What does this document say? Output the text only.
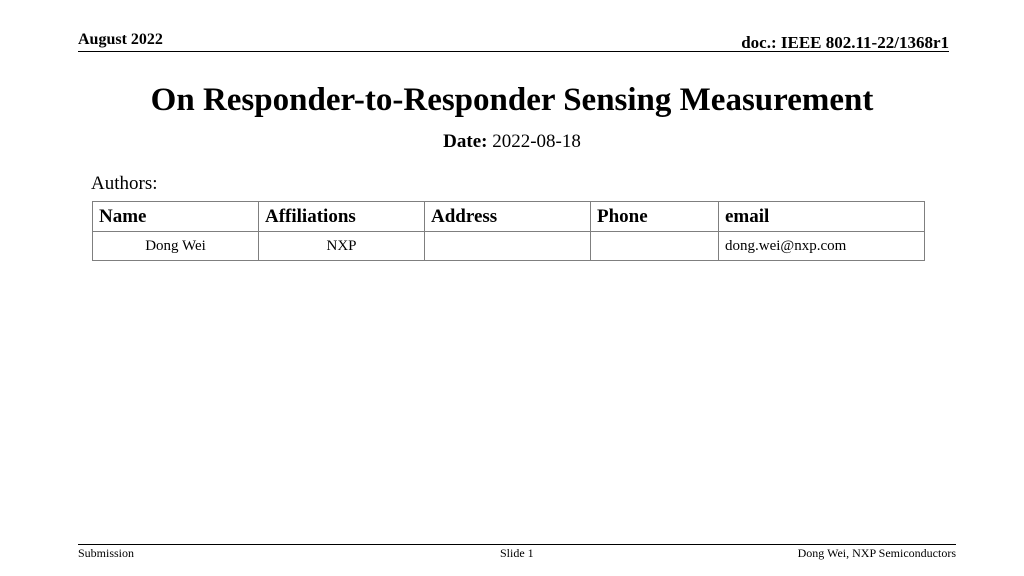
August 2022	doc.: IEEE 802.11-22/1368r1
On Responder-to-Responder Sensing Measurement
Date: 2022-08-18
Authors:
Name	Affiliations	Address	Phone	email
Dong Wei	NXP			dong.wei@nxp.com
Submission	Slide 1	Dong Wei, NXP Semiconductors
